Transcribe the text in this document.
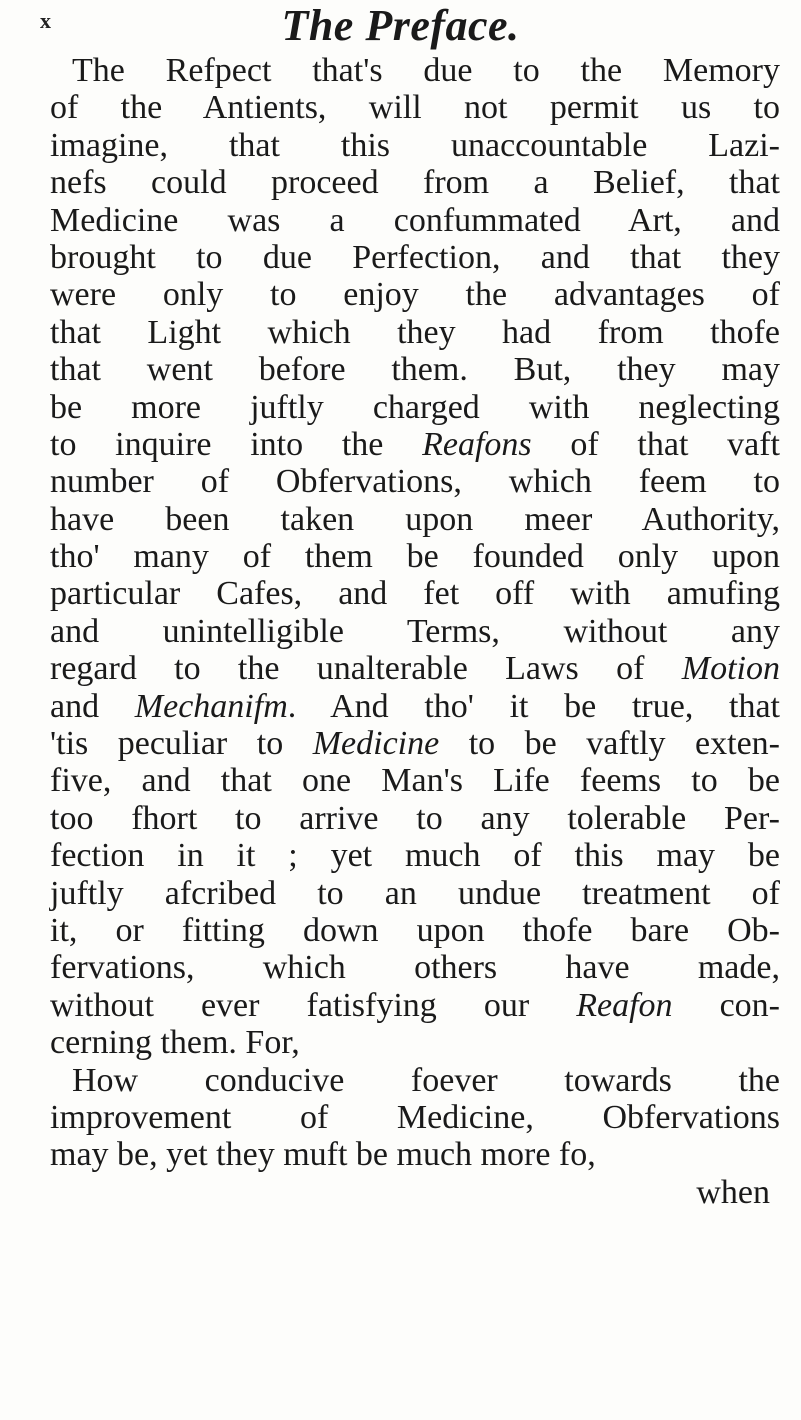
x	The Preface.
The Refpect that's due to the Memory
of the Antients, will not permit us to
imagine, that this unaccountable Lazi-
nefs could proceed from a Belief, that
Medicine was a confummated Art, and
brought to due Perfection, and that they
were only to enjoy the advantages of
that Light which they had from thofe
that went before them. But, they may
be more juftly charged with neglecting
to inquire into the Reafons of that vaft
number of Obfervations, which feem to
have been taken upon meer Authority,
tho' many of them be founded only upon
particular Cafes, and fet off with amufing
and unintelligible Terms, without any
regard to the unalterable Laws of Motion
and Mechanifm. And tho' it be true, that
'tis peculiar to Medicine to be vaftly exten-
five, and that one Man's Life feems to be
too fhort to arrive to any tolerable Per-
fection in it ; yet much of this may be
juftly afcribed to an undue treatment of
it, or fitting down upon thofe bare Ob-
fervations, which others have made,
without ever fatisfying our Reafon con-
cerning them. For,
How conducive foever towards the
improvement of Medicine, Obfervations
may be, yet they muft be much more fo,
when
